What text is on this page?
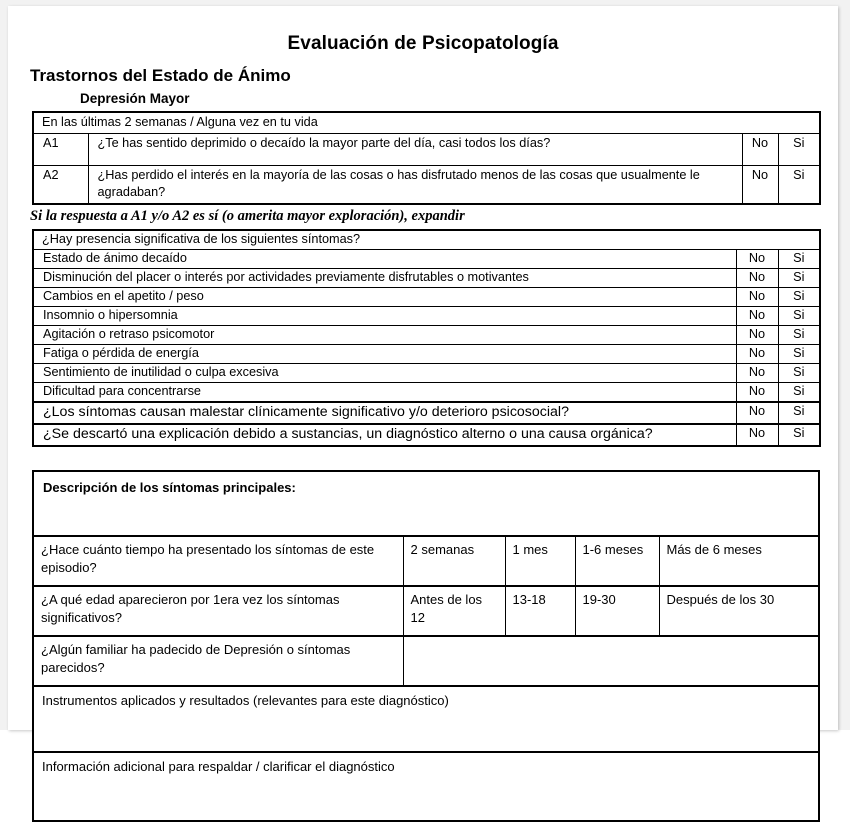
Evaluación de Psicopatología
Trastornos del Estado de Ánimo
Depresión Mayor
En las últimas 2 semanas / Alguna vez en tu vida			
A1	¿Te has sentido deprimido o decaído la mayor parte del día, casi todos los días?	No	Si
A2	¿Has perdido el interés en la mayoría de las cosas o has disfrutado menos de las cosas que usualmente le agradaban?	No	Si

Si la respuesta a A1 y/o A2 es sí (o amerita mayor exploración), expandir

¿Hay presencia significativa de los siguientes síntomas?		
Estado de ánimo decaído	No	Si
Disminución del placer o interés por actividades previamente disfrutables o motivantes	No	Si
Cambios en el apetito / peso	No	Si
Insomnio o hipersomnia	No	Si
Agitación o retraso psicomotor	No	Si
Fatiga o pérdida de energía	No	Si
Sentimiento de inutilidad o culpa excesiva	No	Si
Dificultad para concentrarse	No	Si
¿Los síntomas causan malestar clínicamente significativo y/o deterioro psicosocial?	No	Si
¿Se descartó una explicación debido a sustancias, un diagnóstico alterno o una causa orgánica?	No	Si
Descripción de los síntomas principales:				
¿Hace cuánto tiempo ha presentado los síntomas de este episodio?	2 semanas	1 mes	1-6 meses	Más de 6 meses
¿A qué edad aparecieron por 1era vez los síntomas significativos?	Antes de los 12	13-18	19-30	Después de los 30
¿Algún familiar ha padecido de Depresión o síntomas parecidos?				
Instrumentos aplicados y resultados (relevantes para este diagnóstico)				
Información adicional para respaldar / clarificar el diagnóstico				
